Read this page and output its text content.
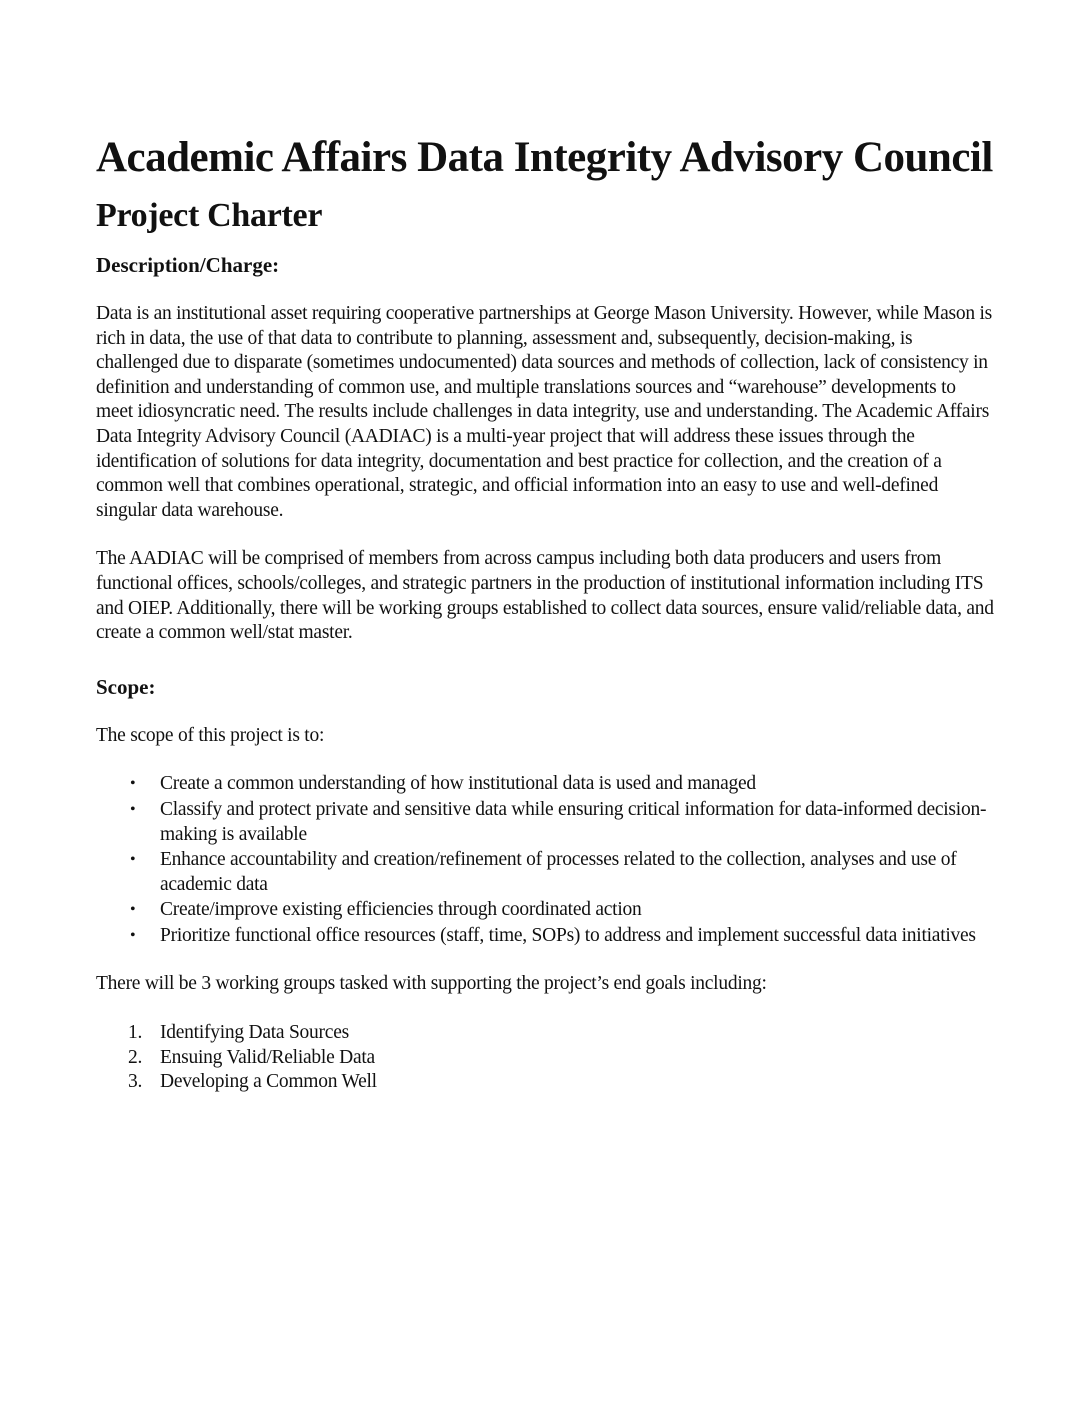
Academic Affairs Data Integrity Advisory Council
Project Charter
Description/Charge:

Data is an institutional asset requiring cooperative partnerships at George Mason University. However, while Mason is rich in data, the use of that data to contribute to planning, assessment and, subsequently, decision-making, is challenged due to disparate (sometimes undocumented) data sources and methods of collection, lack of consistency in definition and understanding of common use, and multiple translations sources and “warehouse” developments to meet idiosyncratic need. The results include challenges in data integrity, use and understanding. The Academic Affairs Data Integrity Advisory Council (AADIAC) is a multi-year project that will address these issues through the identification of solutions for data integrity, documentation and best practice for collection, and the creation of a common well that combines operational, strategic, and official information into an easy to use and well-defined singular data warehouse.

The AADIAC will be comprised of members from across campus including both data producers and users from functional offices, schools/colleges, and strategic partners in the production of institutional information including ITS and OIEP. Additionally, there will be working groups established to collect data sources, ensure valid/reliable data, and create a common well/stat master.

Scope:

The scope of this project is to:

• Create a common understanding of how institutional data is used and managed
• Classify and protect private and sensitive data while ensuring critical information for data-informed decision-making is available
• Enhance accountability and creation/refinement of processes related to the collection, analyses and use of academic data
• Create/improve existing efficiencies through coordinated action
• Prioritize functional office resources (staff, time, SOPs) to address and implement successful data initiatives

There will be 3 working groups tasked with supporting the project’s end goals including:

1. Identifying Data Sources
2. Ensuing Valid/Reliable Data
3. Developing a Common Well
